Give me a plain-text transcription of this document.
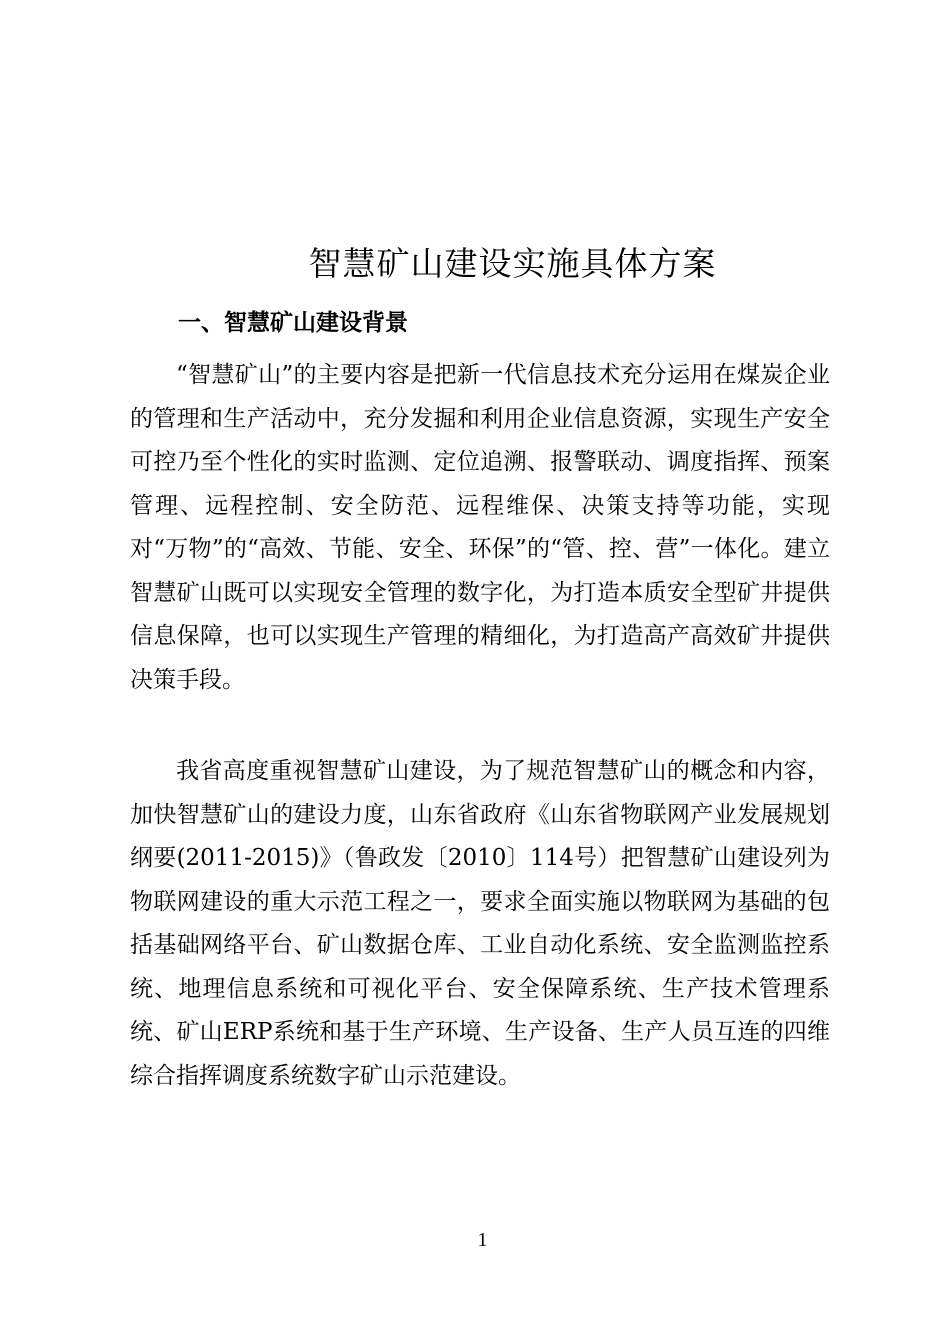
智慧矿山建设实施具体方案
一、智慧矿山建设背景

“智慧矿山”的主要内容是把新一代信息技术充分运用在煤炭企业的管理和生产活动中，充分发掘和利用企业信息资源，实现生产安全可控乃至个性化的实时监测、定位追溯、报警联动、调度指挥、预案管理、远程控制、安全防范、远程维保、决策支持等功能，实现对“万物”的“高效、节能、安全、环保”的“管、控、营”一体化。建立智慧矿山既可以实现安全管理的数字化，为打造本质安全型矿井提供信息保障，也可以实现生产管理的精细化，为打造高产高效矿井提供决策手段。

我省高度重视智慧矿山建设，为了规范智慧矿山的概念和内容，加快智慧矿山的建设力度，山东省政府《山东省物联网产业发展规划纲要(2011-2015)》（鲁政发〔2010〕114号）把智慧矿山建设列为物联网建设的重大示范工程之一，要求全面实施以物联网为基础的包括基础网络平台、矿山数据仓库、工业自动化系统、安全监测监控系统、地理信息系统和可视化平台、安全保障系统、生产技术管理系统、矿山ERP系统和基于生产环境、生产设备、生产人员互连的四维综合指挥调度系统数字矿山示范建设。

1
